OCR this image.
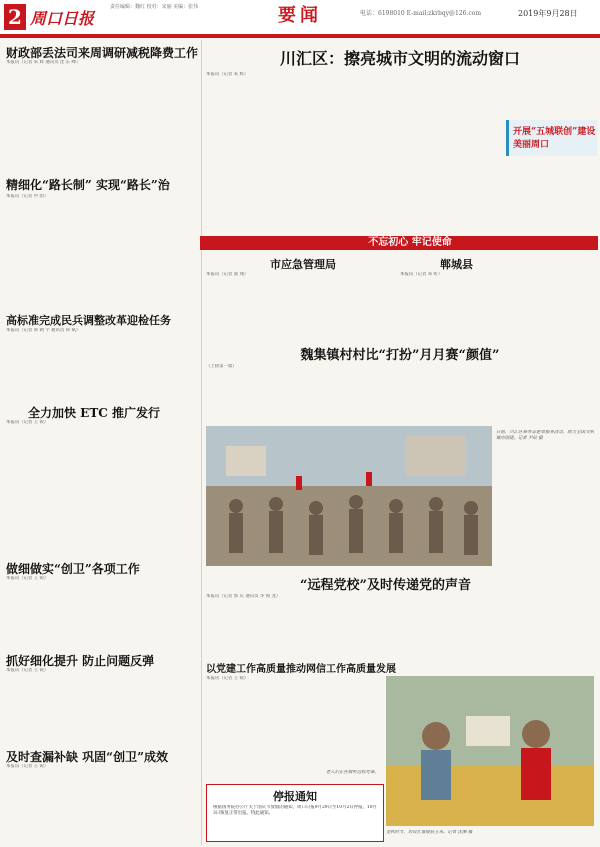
2 周口日报
责任编辑：魏红 校对：宋丽 美编：张伟	要闻	电话：6198010 E-mail:zkrbqy@126.com	2019年9月28日
财政部丢法司来周调研减税降费工作
本报讯（记者 朱 辉 通讯员 沈 东 峰）
精细化“路长制” 实现“路长”治
本报讯（记者 申 韵）
高标准完成民兵调整改革迎检任务
本报讯（记者 邢 朝 宇 通讯员 孙 斌）
全力加快 ETC 推广发行
本报讯（记者 王 锐）
做细做实“创卫”各项工作
本报讯（记者 王 锐）
抓好细化提升 防止问题反弹
本报讯（记者 王 锐）
及时查漏补缺 巩固“创卫”成效
本报讯（记者 王 锐）
川汇区：擦亮城市文明的流动窗口
本报讯（记者 朱 辉）
开展“五城联创”建设美丽周口
不忘初心 牢记使命
市应急管理局
本报讯（记者 翟 翔）
郸城县
本报讯（记者 邓 昕）
魏集镇村村比“打扮”月月赛“颜值”
（上接第一版）
日前，川汇区举办志愿者服务活动，助力全国文明城市创建。记者 尹辰 摄
“远程党校”及时传递党的声音
本报讯（记者 郭 庆 通讯员 李 海 龙）
以党建工作高质量推动网信工作高质量发展
本报讯（记者 王 锐）
金秋时节，农民忙着收获玉米。记者 沈湘 摄
老人们正在收听远程党课。
停报通知
根据国务院办公厅关于国庆节放假的通知，周口日报9月29日至10月2日停报，10月3日恢复正常出报。特此通知。
